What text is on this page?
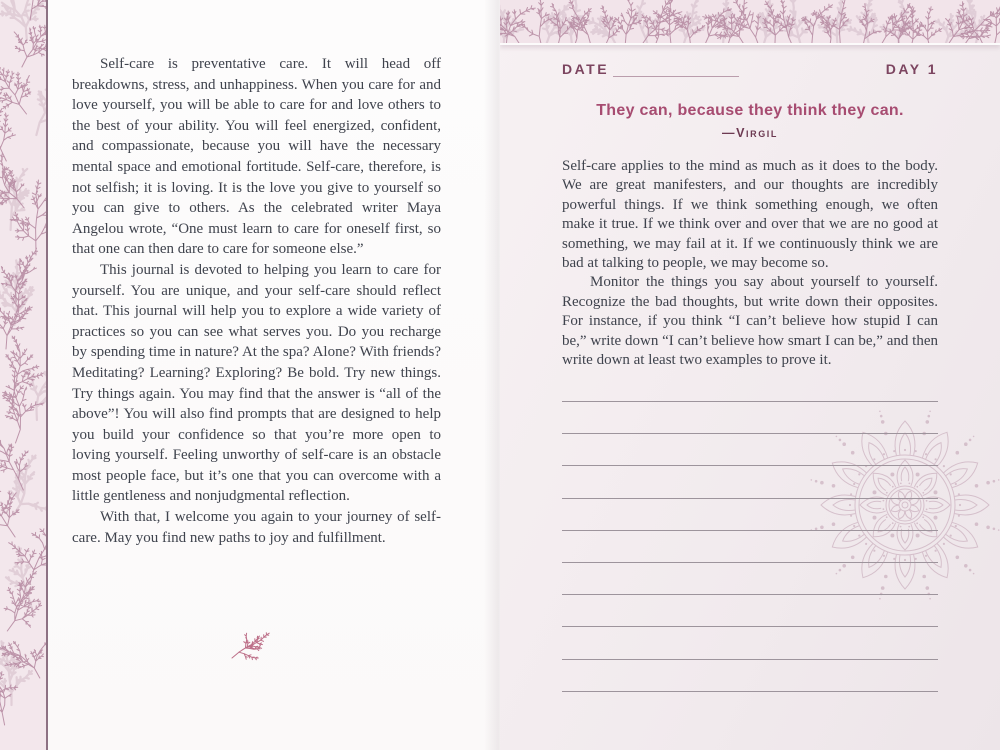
Self-care is preventative care. It will head off breakdowns, stress, and unhappiness. When you care for and love yourself, you will be able to care for and love others to the best of your ability. You will feel energized, confident, and compassionate, because you will have the necessary mental space and emotional fortitude. Self-care, therefore, is not selfish; it is loving. It is the love you give to yourself so you can give to others. As the celebrated writer Maya Angelou wrote, “One must learn to care for oneself first, so that one can then dare to care for someone else.”

This journal is devoted to helping you learn to care for yourself. You are unique, and your self-care should reflect that. This journal will help you to explore a wide variety of practices so you can see what serves you. Do you recharge by spending time in nature? At the spa? Alone? With friends? Meditating? Learning? Exploring? Be bold. Try new things. Try things again. You may find that the answer is “all of the above”! You will also find prompts that are designed to help you build your confidence so that you’re more open to loving yourself. Feeling unworthy of self-care is an obstacle most people face, but it’s one that you can overcome with a little gentleness and nonjudgmental reflection.

With that, I welcome you again to your journey of self-care. May you find new paths to joy and fulfillment.

DATE	DAY 1
They can, because they think they can.
—Virgil

Self-care applies to the mind as much as it does to the body. We are great manifesters, and our thoughts are incredibly powerful things. If we think something enough, we often make it true. If we think over and over that we are no good at something, we may fail at it. If we continuously think we are bad at talking to people, we may become so.

Monitor the things you say about yourself to yourself. Recognize the bad thoughts, but write down their opposites. For instance, if you think “I can’t believe how stupid I can be,” write down “I can’t believe how smart I can be,” and then write down at least two examples to prove it.
